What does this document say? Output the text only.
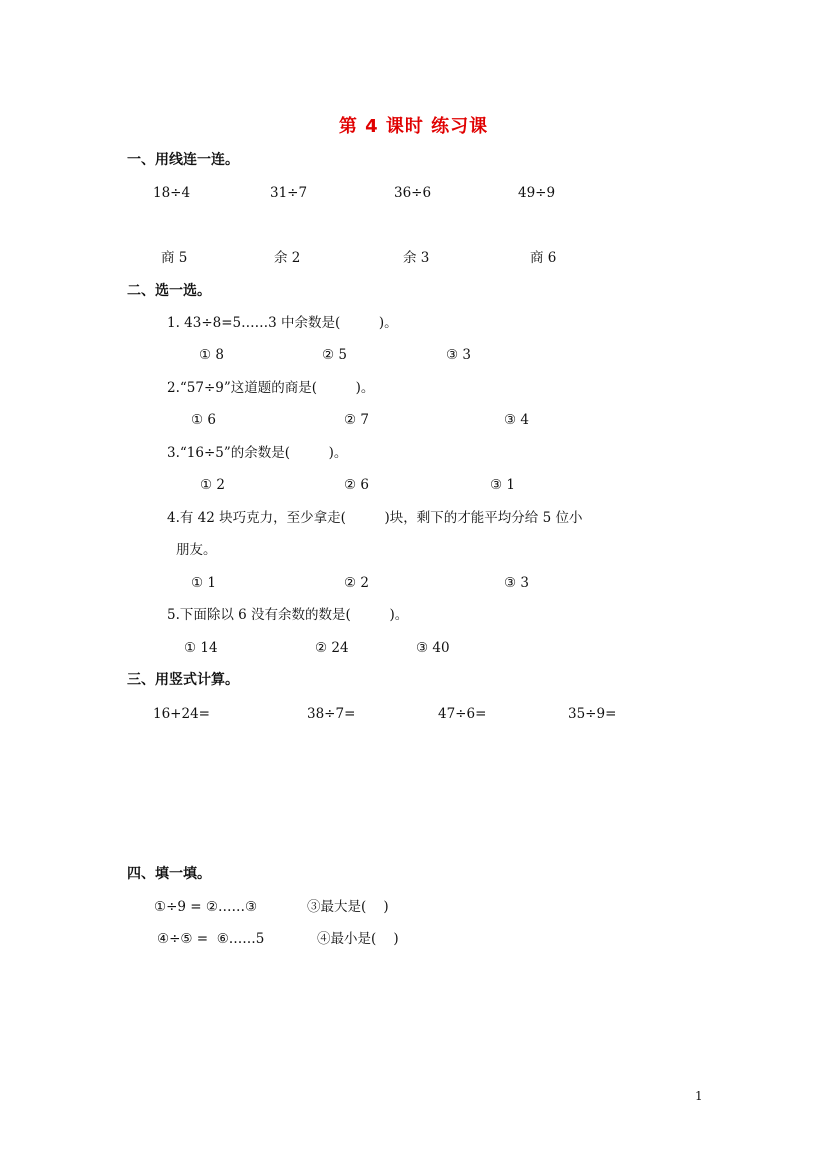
第 4 课时 练习课
一、用线连一连。
18÷4	31÷7	36÷6	49÷9
商 5	余 2	余 3	商 6
二、选一选。
1. 43÷8=5……3 中余数是(         )。
① 8	② 5	③ 3
2.“57÷9”这道题的商是(         )。
① 6	② 7	③ 4
3.“16÷5”的余数是(         )。
① 2	② 6	③ 1
4.有 42 块巧克力，至少拿走(         )块，剩下的才能平均分给 5 位小
朋友。
① 1	② 2	③ 3
5.下面除以 6 没有余数的数是(         )。
① 14	② 24	③ 40
三、用竖式计算。
16+24=	38÷7=	47÷6=	35÷9=
四、填一填。
①÷9 = ②……③	③最大是(    )
④÷⑤ =  ⑥……5	④最小是(    )
1
